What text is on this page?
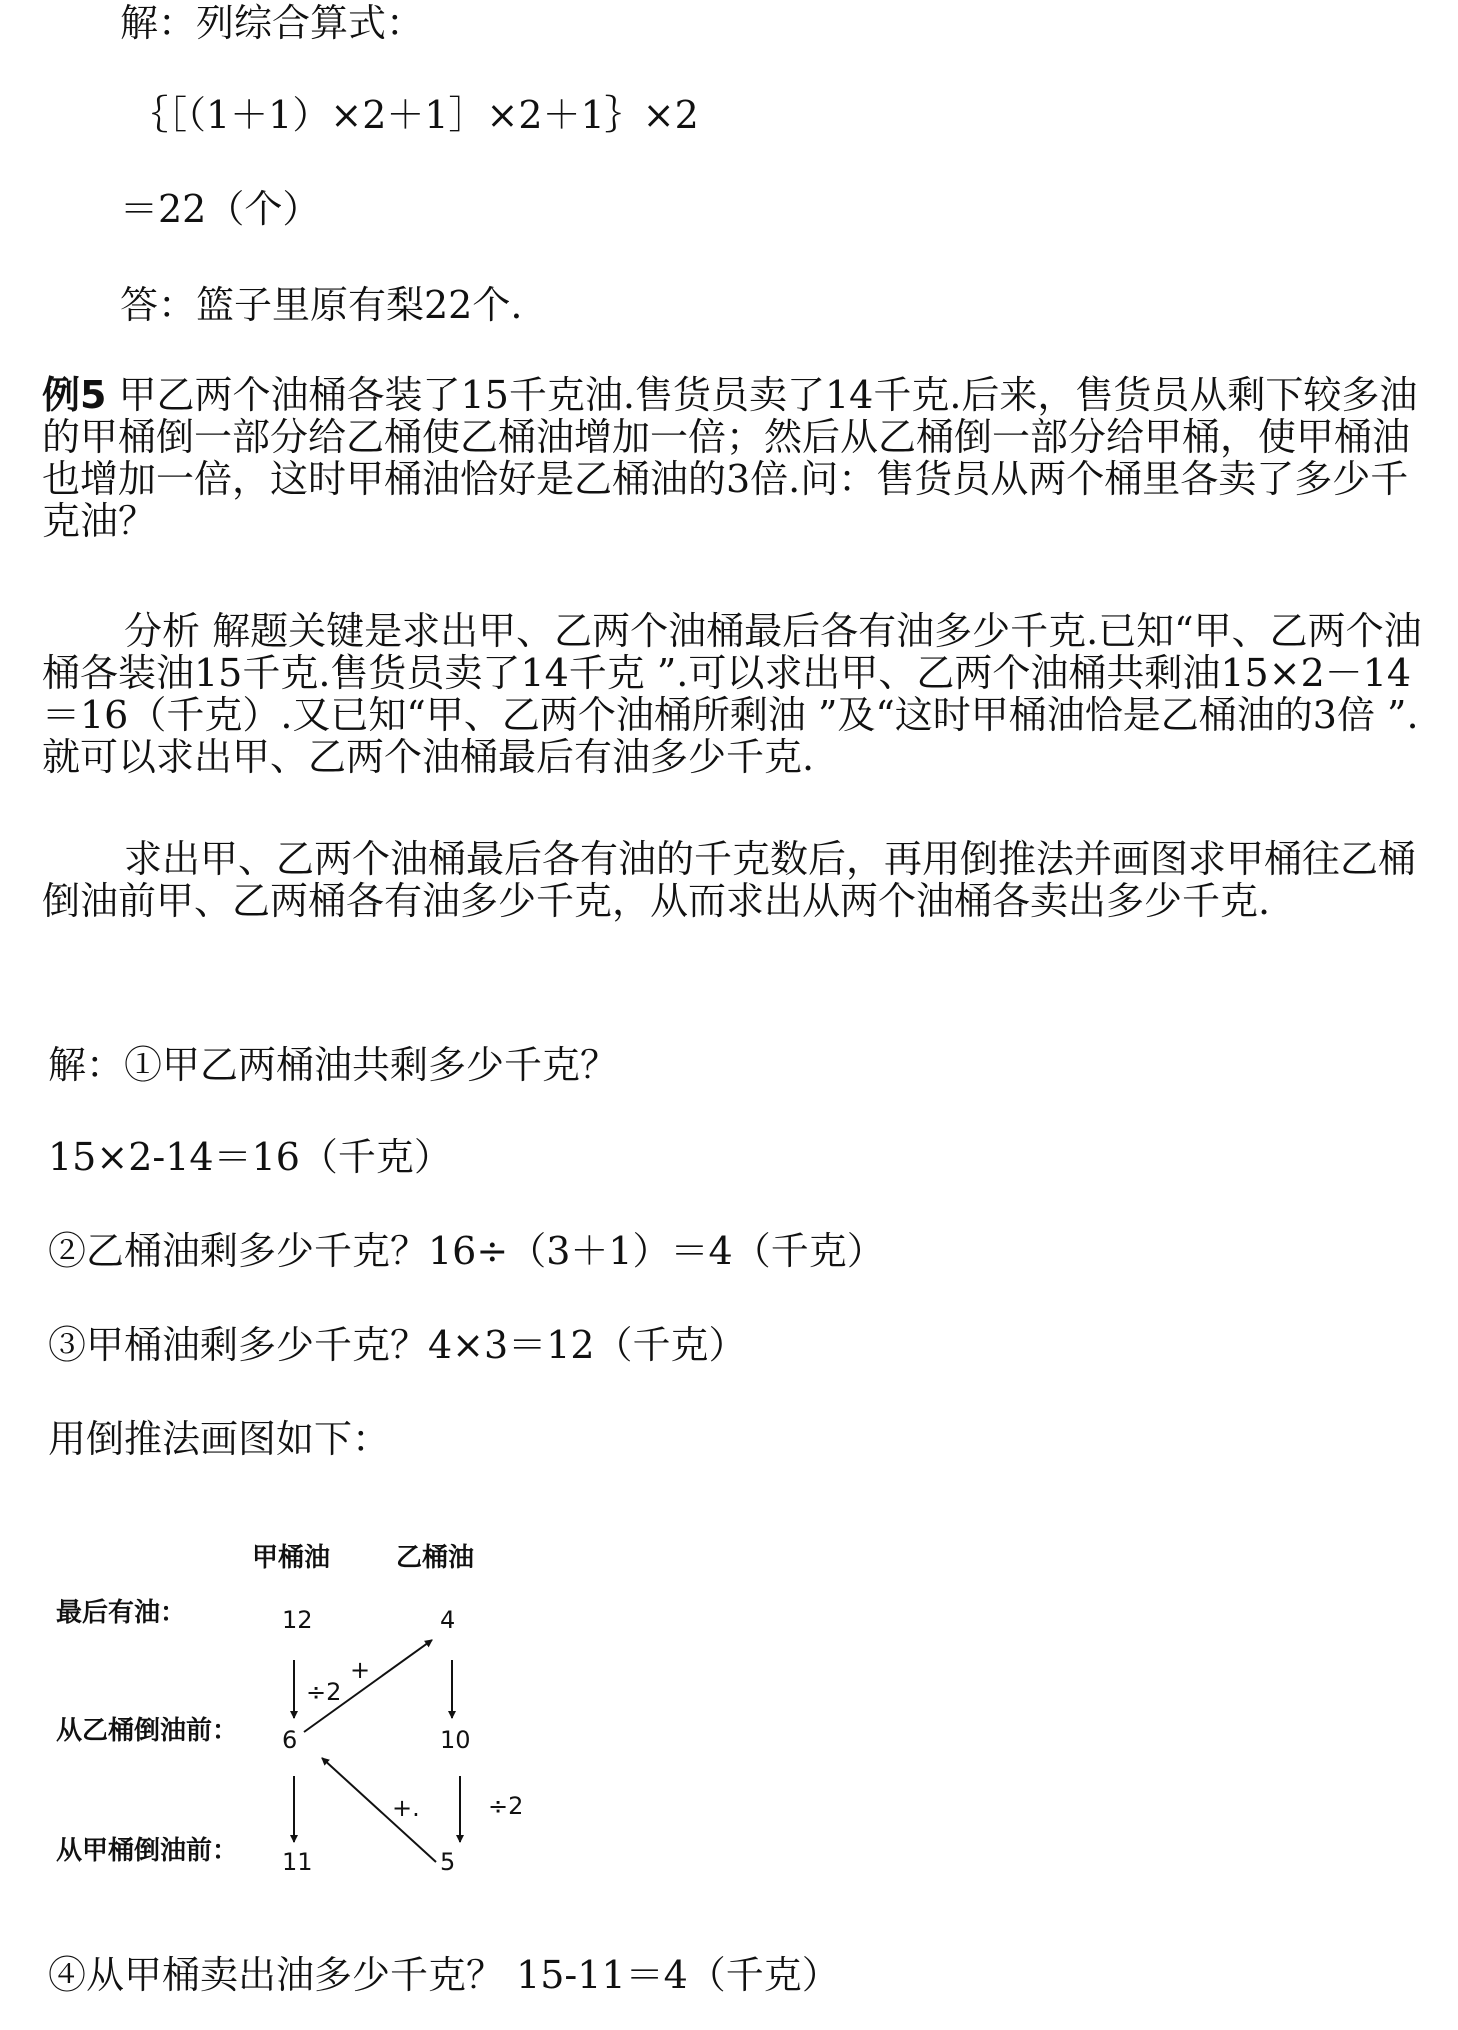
解：列综合算式：
｛［（1＋1）×2＋1］×2＋1｝×2
＝22（个）
答：篮子里原有梨22个.
例5 甲乙两个油桶各装了15千克油.售货员卖了14千克.后来，售货员从剩下较多油的甲桶倒一部分给乙桶使乙桶油增加一倍；然后从乙桶倒一部分给甲桶，使甲桶油也增加一倍，这时甲桶油恰好是乙桶油的3倍.问：售货员从两个桶里各卖了多少千克油？
分析 解题关键是求出甲、乙两个油桶最后各有油多少千克.已知“甲、乙两个油桶各装油15千克.售货员卖了14千克 ”.可以求出甲、乙两个油桶共剩油15×2－14＝16（千克）.又已知“甲、乙两个油桶所剩油 ”及“这时甲桶油恰是乙桶油的3倍 ”.就可以求出甲、乙两个油桶最后有油多少千克.
求出甲、乙两个油桶最后各有油的千克数后，再用倒推法并画图求甲桶往乙桶倒油前甲、乙两桶各有油多少千克，从而求出从两个油桶各卖出多少千克.
解：①甲乙两桶油共剩多少千克？
15×2-14＝16（千克）
②乙桶油剩多少千克？16÷（3＋1）＝4（千克）
③甲桶油剩多少千克？4×3＝12（千克）
用倒推法画图如下：
甲桶油	乙桶油
最后有油：
从乙桶倒油前：
从甲桶倒油前：
12	4
6	10
11	5
÷2
+
+.	÷2
④从甲桶卖出油多少千克？ 15-11＝4（千克）
